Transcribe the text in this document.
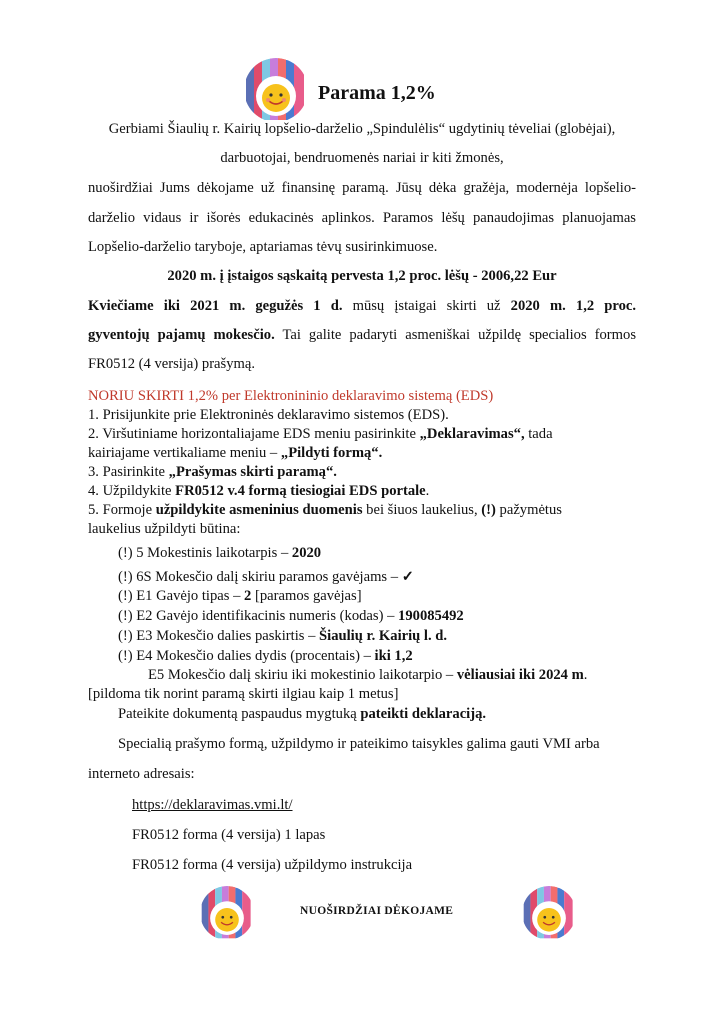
Parama 1,2%
Gerbiami Šiaulių r. Kairių lopšelio-darželio „Spindulėlis“ ugdytinių tėveliai (globėjai),
darbuotojai, bendruomenės nariai ir kiti žmonės,
nuoširdžiai Jums dėkojame už finansinę paramą. Jūsų dėka gražėja, modernėja lopšelio-
darželio vidaus ir išorės edukacinės aplinkos. Paramos lėšų panaudojimas planuojamas
Lopšelio-darželio taryboje, aptariamas tėvų susirinkimuose.
2020 m. į įstaigos sąskaitą pervesta 1,2 proc. lėšų - 2006,22 Eur
Kviečiame iki 2021 m. gegužės 1 d. mūsų įstaigai skirti už 2020 m. 1,2 proc.
gyventojų pajamų mokesčio. Tai galite padaryti asmeniškai užpildę specialios formos
FR0512 (4 versija) prašymą.
NORIU SKIRTI 1,2% per Elektronininio deklaravimo sistemą (EDS)
1. Prisijunkite prie Elektroninės deklaravimo sistemos (EDS).
2. Viršutiniame horizontaliajame EDS meniu pasirinkite „Deklaravimas“, tada
kairiajame vertikaliame meniu – „Pildyti formą“.
3. Pasirinkite „Prašymas skirti paramą“.
4. Užpildykite FR0512 v.4 formą tiesiogiai EDS portale.
5. Formoje užpildykite asmeninius duomenis bei šiuos laukelius, (!) pažymėtus
laukelius užpildyti būtina:
(!) 5 Mokestinis laikotarpis – 2020
(!) 6S Mokesčio dalį skiriu paramos gavėjams – ✓
(!) E1 Gavėjo tipas – 2 [paramos gavėjas]
(!) E2 Gavėjo identifikacinis numeris (kodas) – 190085492
(!) E3 Mokesčio dalies paskirtis – Šiaulių r. Kairių l. d.
(!) E4 Mokesčio dalies dydis (procentais) – iki 1,2
E5 Mokesčio dalį skiriu iki mokestinio laikotarpio – vėliausiai iki 2024 m.
[pildoma tik norint paramą skirti ilgiau kaip 1 metus]
Pateikite dokumentą paspaudus mygtuką pateikti deklaraciją.
Specialią prašymo formą, užpildymo ir pateikimo taisykles galima gauti VMI arba
interneto adresais:
https://deklaravimas.vmi.lt/
FR0512 forma (4 versija) 1 lapas
FR0512 forma (4 versija) užpildymo instrukcija
NUOŠIRDŽIAI DĖKOJAME
